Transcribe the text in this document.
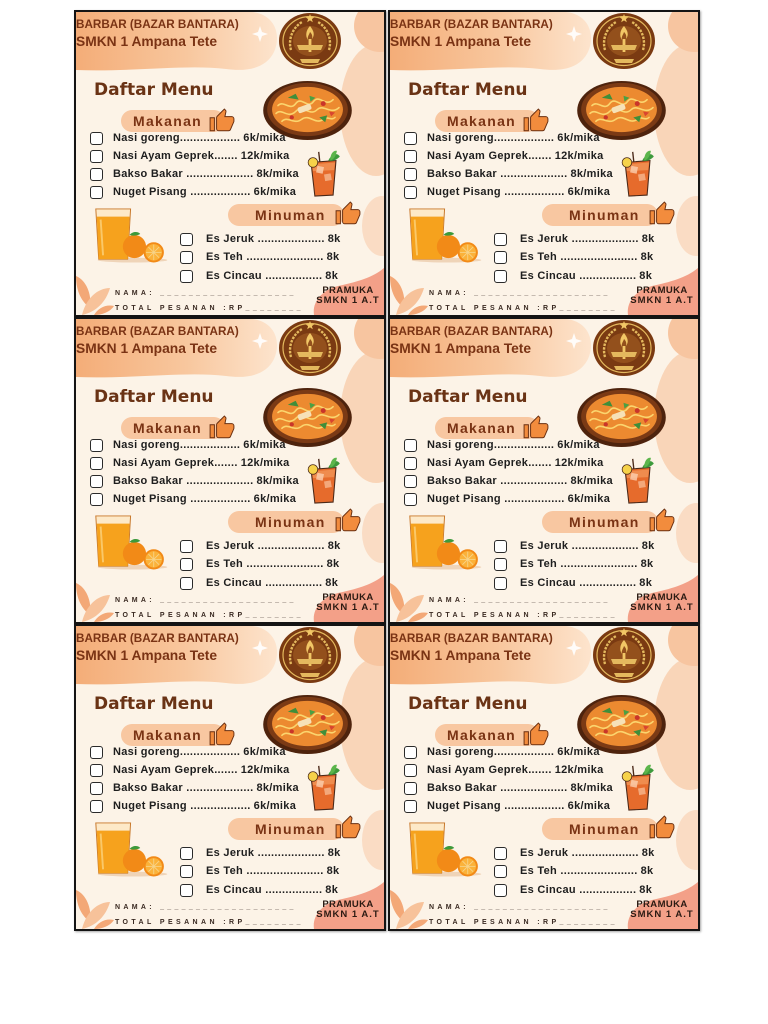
BARBAR (BAZAR BANTARA)
SMKN 1 Ampana Tete
Daftar Menu
Makanan
Nasi goreng.................. 6k/mika
Nasi Ayam Geprek....... 12k/mika
Bakso Bakar .................... 8k/mika
Nuget Pisang .................. 6k/mika
Minuman
Es Jeruk .................... 8k
Es Teh ....................... 8k
Es Cincau ................. 8k
NAMA: ___________________
TOTAL PESANAN :RP________
PRAMUKA
SMKN 1 A.T
BARBAR (BAZAR BANTARA)
SMKN 1 Ampana Tete
Daftar Menu
Makanan
Nasi goreng.................. 6k/mika
Nasi Ayam Geprek....... 12k/mika
Bakso Bakar .................... 8k/mika
Nuget Pisang .................. 6k/mika
Minuman
Es Jeruk .................... 8k
Es Teh ....................... 8k
Es Cincau ................. 8k
NAMA: ___________________
TOTAL PESANAN :RP________
PRAMUKA
SMKN 1 A.T
BARBAR (BAZAR BANTARA)
SMKN 1 Ampana Tete
Daftar Menu
Makanan
Nasi goreng.................. 6k/mika
Nasi Ayam Geprek....... 12k/mika
Bakso Bakar .................... 8k/mika
Nuget Pisang .................. 6k/mika
Minuman
Es Jeruk .................... 8k
Es Teh ....................... 8k
Es Cincau ................. 8k
NAMA: ___________________
TOTAL PESANAN :RP________
PRAMUKA
SMKN 1 A.T
BARBAR (BAZAR BANTARA)
SMKN 1 Ampana Tete
Daftar Menu
Makanan
Nasi goreng.................. 6k/mika
Nasi Ayam Geprek....... 12k/mika
Bakso Bakar .................... 8k/mika
Nuget Pisang .................. 6k/mika
Minuman
Es Jeruk .................... 8k
Es Teh ....................... 8k
Es Cincau ................. 8k
NAMA: ___________________
TOTAL PESANAN :RP________
PRAMUKA
SMKN 1 A.T
BARBAR (BAZAR BANTARA)
SMKN 1 Ampana Tete
Daftar Menu
Makanan
Nasi goreng.................. 6k/mika
Nasi Ayam Geprek....... 12k/mika
Bakso Bakar .................... 8k/mika
Nuget Pisang .................. 6k/mika
Minuman
Es Jeruk .................... 8k
Es Teh ....................... 8k
Es Cincau ................. 8k
NAMA: ___________________
TOTAL PESANAN :RP________
PRAMUKA
SMKN 1 A.T
BARBAR (BAZAR BANTARA)
SMKN 1 Ampana Tete
Daftar Menu
Makanan
Nasi goreng.................. 6k/mika
Nasi Ayam Geprek....... 12k/mika
Bakso Bakar .................... 8k/mika
Nuget Pisang .................. 6k/mika
Minuman
Es Jeruk .................... 8k
Es Teh ....................... 8k
Es Cincau ................. 8k
NAMA: ___________________
TOTAL PESANAN :RP________
PRAMUKA
SMKN 1 A.T
